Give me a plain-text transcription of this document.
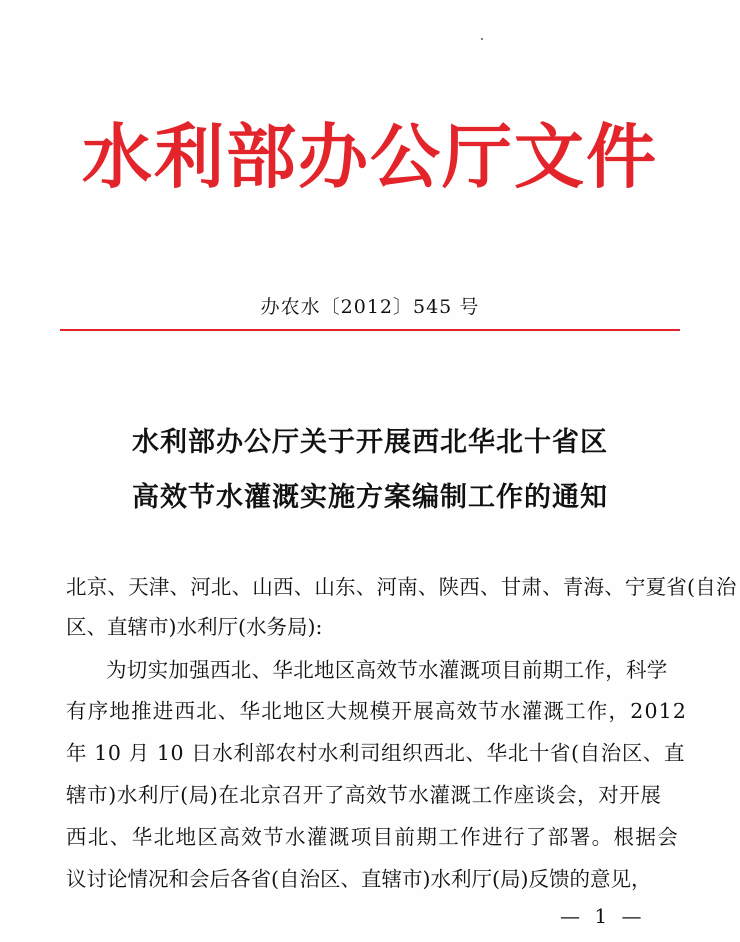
水利部办公厅文件
办农水〔2012〕545 号
水利部办公厅关于开展西北华北十省区
高效节水灌溉实施方案编制工作的通知
北京、天津、河北、山西、山东、河南、陕西、甘肃、青海、宁夏省(自治
区、直辖市)水利厅(水务局):
为切实加强西北、华北地区高效节水灌溉项目前期工作，科学
有序地推进西北、华北地区大规模开展高效节水灌溉工作，2012
年 10 月 10 日水利部农村水利司组织西北、华北十省(自治区、直
辖市)水利厅(局)在北京召开了高效节水灌溉工作座谈会，对开展
西北、华北地区高效节水灌溉项目前期工作进行了部署。根据会
议讨论情况和会后各省(自治区、直辖市)水利厅(局)反馈的意见，
— 1 —
